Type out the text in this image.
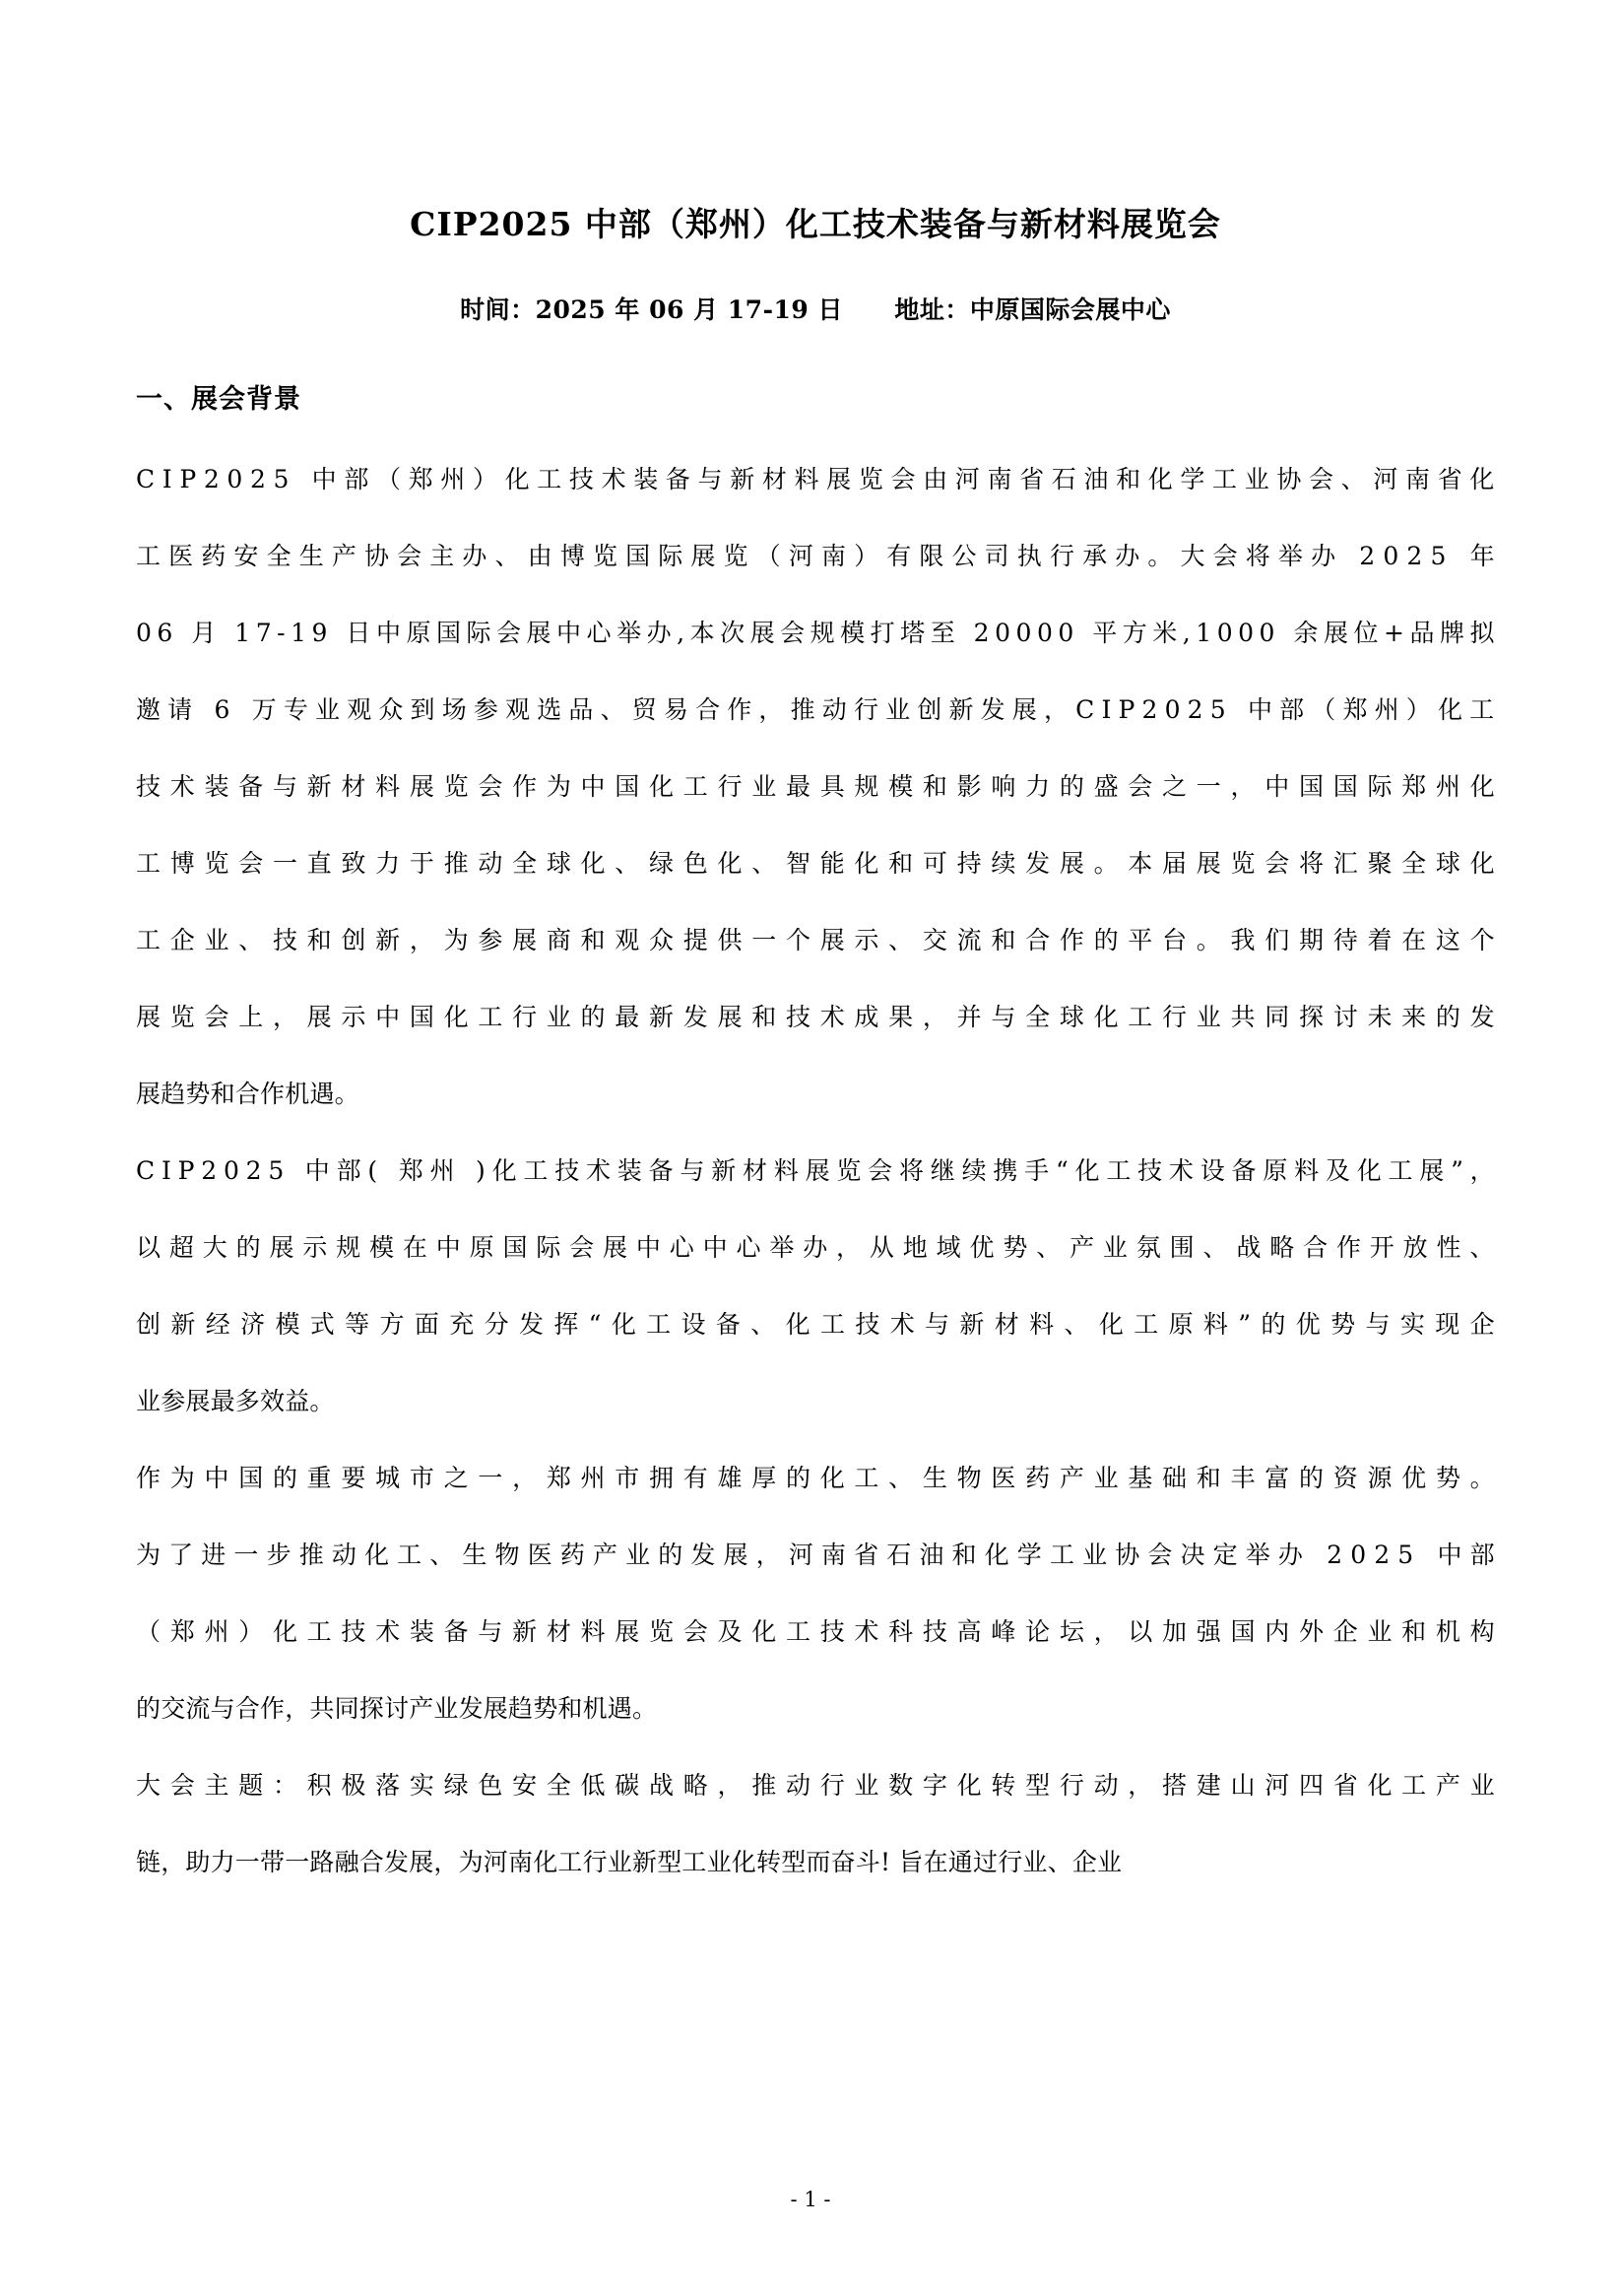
CIP2025 中部（郑州）化工技术装备与新材料展览会
时间：2025 年 06 月 17-19 日 地址：中原国际会展中心
一、展会背景

C I P 2 0 2 5
中 部 （ 郑 州 ） 化 工 技 术 装 备 与 新 材 料 展 览 会 由 河 南 省 石 油 和 化 学 工 业 协 会 、 河 南 省 化
工 医 药 安 全 生 产 协 会 主 办 、 由 博 览 国 际 展 览 （ 河 南 ） 有 限 公 司 执 行 承 办 。 大 会 将 举 办
2 0 2 5
年
0 6
月
1 7 - 1 9
日 中 原 国 际 会 展 中 心 举 办 , 本 次 展 会 规 模 打 塔 至
2 0 0 0 0
平 方 米 , 1 0 0 0
余 展 位 + 品 牌 拟
邀 请
6
万 专 业 观 众 到 场 参 观 选 品 、 贸 易 合 作 ， 推 动 行 业 创 新 发 展 ， C I P 2 0 2 5
中 部 （ 郑 州 ） 化 工
技 术 装 备 与 新 材 料 展 览 会 作 为 中 国 化 工 行 业 最 具 规 模 和 影 响 力 的 盛 会 之 一 ， 中 国 国 际 郑 州 化
工 博 览 会 一 直 致 力 于 推 动 全 球 化 、 绿 色 化 、 智 能 化 和 可 持 续 发 展 。 本 届 展 览 会 将 汇 聚 全 球 化
工 企 业 、 技 和 创 新 ， 为 参 展 商 和 观 众 提 供 一 个 展 示 、 交 流 和 合 作 的 平 台 。 我 们 期 待 着 在 这 个
展 览 会 上 ， 展 示 中 国 化 工 行 业 的 最 新 发 展 和 技 术 成 果 ， 并 与 全 球 化 工 行 业 共 同 探 讨 未 来 的 发
展趋势和合作机遇。

C I P 2 0 2 5
中 部 (
郑 州
) 化 工 技 术 装 备 与 新 材 料 展 览 会 将 继 续 携 手 “ 化 工 技 术 设 备 原 料 及 化 工 展 ” ，
以 超 大 的 展 示 规 模 在 中 原 国 际 会 展 中 心 中 心 举 办 ， 从 地 域 优 势 、 产 业 氛 围 、 战 略 合 作 开 放 性 、
创 新 经 济 模 式 等 方 面 充 分 发 挥 “ 化 工 设 备 、 化 工 技 术 与 新 材 料 、 化 工 原 料 ” 的 优 势 与 实 现 企
业参展最多效益。

作 为 中 国 的 重 要 城 市 之 一 ， 郑 州 市 拥 有 雄 厚 的 化 工 、 生 物 医 药 产 业 基 础 和 丰 富 的 资 源 优 势 。
为 了 进 一 步 推 动 化 工 、 生 物 医 药 产 业 的 发 展 ， 河 南 省 石 油 和 化 学 工 业 协 会 决 定 举 办
2 0 2 5
中 部
（ 郑 州 ） 化 工 技 术 装 备 与 新 材 料 展 览 会 及 化 工 技 术 科 技 高 峰 论 坛 ， 以 加 强 国 内 外 企 业 和 机 构
的交流与合作，共同探讨产业发展趋势和机遇。

大 会 主 题 ： 积 极 落 实 绿 色 安 全 低 碳 战 略 ， 推 动 行 业 数 字 化 转 型 行 动 ， 搭 建 山 河 四 省 化 工 产 业
链，助力一带一路融合发展，为河南化工行业新型工业化转型而奋斗! 旨在通过行业、企业

- 1 -
